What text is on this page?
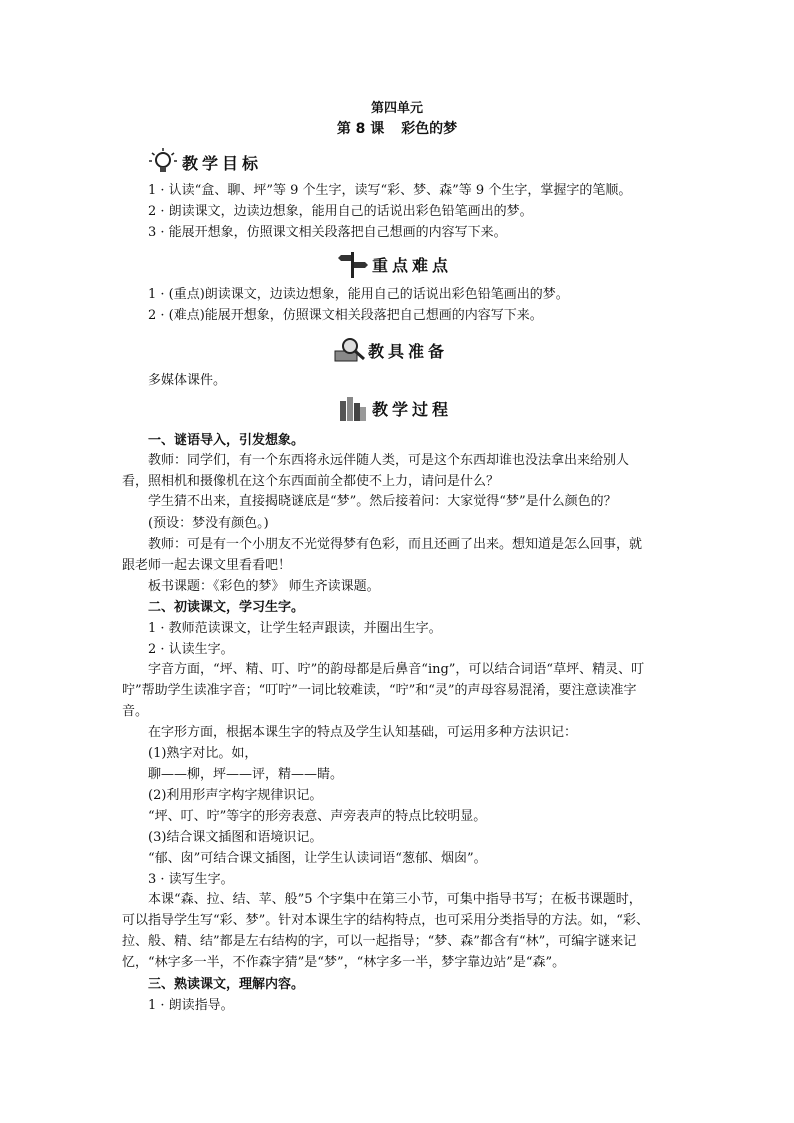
第四单元
第 8 课 彩色的梦
教学目标
1 · 认读“盒、聊、坪”等 9 个生字，读写“彩、梦、森”等 9 个生字，掌握字的笔顺。
2 · 朗读课文，边读边想象，能用自己的话说出彩色铅笔画出的梦。
3 · 能展开想象，仿照课文相关段落把自己想画的内容写下来。
重点难点
1 · (重点)朗读课文，边读边想象，能用自己的话说出彩色铅笔画出的梦。
2 · (难点)能展开想象，仿照课文相关段落把自己想画的内容写下来。
教具准备
多媒体课件。
教学过程
一、谜语导入，引发想象。
教师：同学们，有一个东西将永远伴随人类，可是这个东西却谁也没法拿出来给别人看，照相机和摄像机在这个东西面前全都使不上力，请问是什么？
学生猜不出来，直接揭晓谜底是“梦”。然后接着问：大家觉得“梦”是什么颜色的？
(预设：梦没有颜色。)
教师：可是有一个小朋友不光觉得梦有色彩，而且还画了出来。想知道是怎么回事，就跟老师一起去课文里看看吧！
板书课题：《彩色的梦》 师生齐读课题。
二、初读课文，学习生字。
1 · 教师范读课文，让学生轻声跟读，并圈出生字。
2 · 认读生字。
字音方面，“坪、精、叮、咛”的韵母都是后鼻音“ing”，可以结合词语“草坪、精灵、叮咛”帮助学生读准字音；“叮咛”一词比较难读，“咛”和“灵”的声母容易混淆，要注意读准字音。
在字形方面，根据本课生字的特点及学生认知基础，可运用多种方法识记：
(1)熟字对比。如，
聊——柳，坪——评，精——睛。
(2)利用形声字构字规律识记。
“坪、叮、咛”等字的形旁表意、声旁表声的特点比较明显。
(3)结合课文插图和语境识记。
“郁、囱”可结合课文插图，让学生认读词语“葱郁、烟囱”。
3 · 读写生字。
本课“森、拉、结、苹、般”5 个字集中在第三小节，可集中指导书写；在板书课题时，可以指导学生写“彩、梦”。针对本课生字的结构特点，也可采用分类指导的方法。如，“彩、拉、般、精、结”都是左右结构的字，可以一起指导；“梦、森”都含有“林”，可编字谜来记忆，“林字多一半，不作森字猜”是“梦”，“林字多一半，梦字靠边站”是“森”。
三、熟读课文，理解内容。
1 · 朗读指导。
